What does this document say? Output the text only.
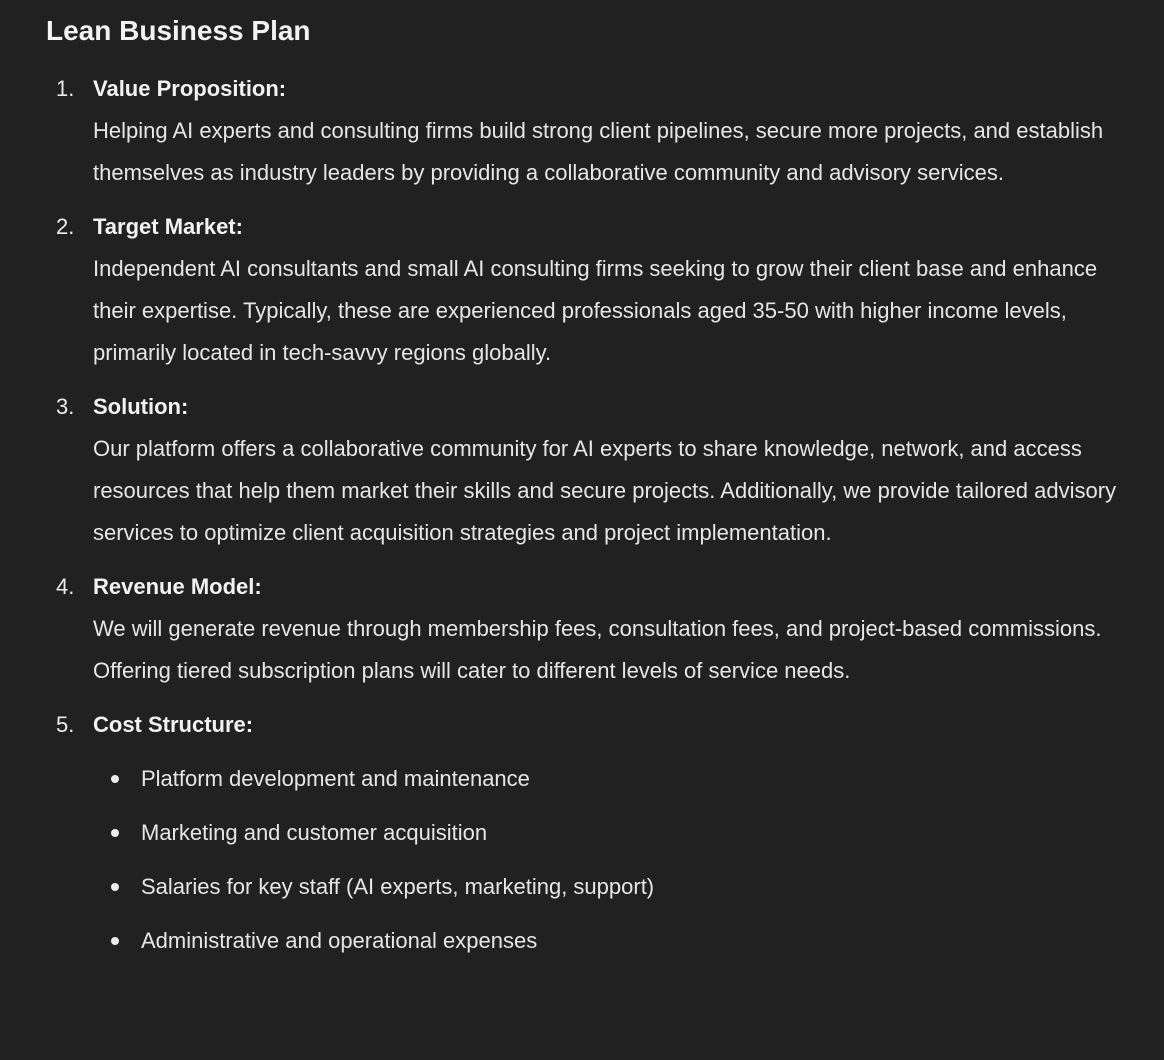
Lean Business Plan
1. Value Proposition:

Helping AI experts and consulting firms build strong client pipelines, secure more projects, and establish themselves as industry leaders by providing a collaborative community and advisory services.

2. Target Market:

Independent AI consultants and small AI consulting firms seeking to grow their client base and enhance their expertise. Typically, these are experienced professionals aged 35-50 with higher income levels, primarily located in tech-savvy regions globally.

3. Solution:

Our platform offers a collaborative community for AI experts to share knowledge, network, and access resources that help them market their skills and secure projects. Additionally, we provide tailored advisory services to optimize client acquisition strategies and project implementation.

4. Revenue Model:

We will generate revenue through membership fees, consultation fees, and project-based commissions. Offering tiered subscription plans will cater to different levels of service needs.

5. Cost Structure:
Platform development and maintenance
Marketing and customer acquisition
Salaries for key staff (AI experts, marketing, support)
Administrative and operational expenses
